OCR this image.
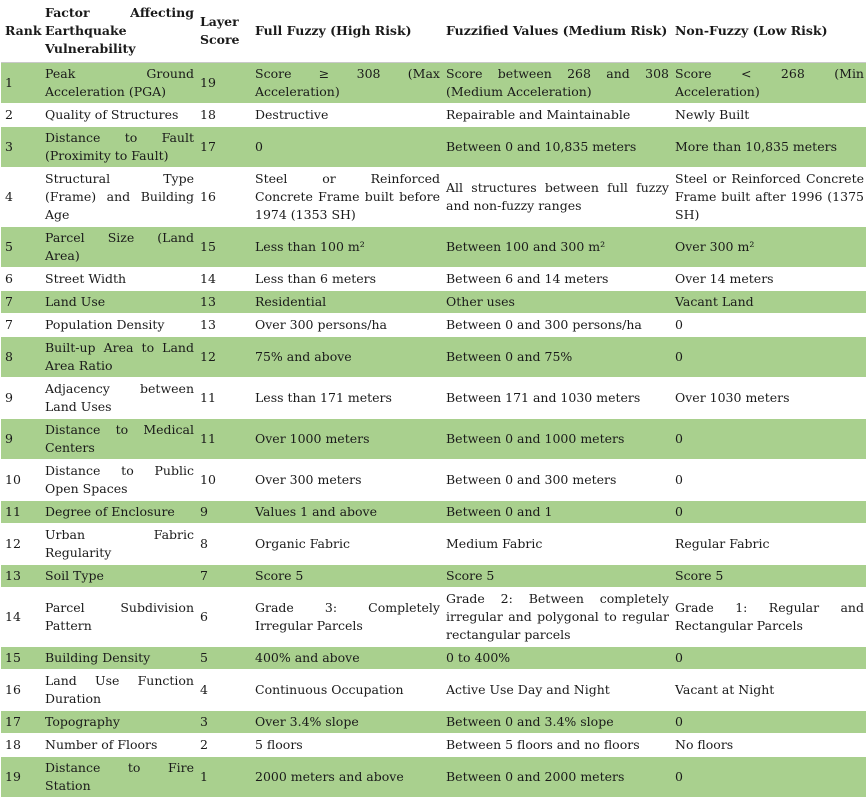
Rank	Factor Affecting Earthquake Vulnerability	Layer Score	Full Fuzzy (High Risk)	Fuzzified Values (Medium Risk)	Non-Fuzzy (Low Risk)
1	Peak Ground Acceleration (PGA)	19	Score ≥ 308 (Max Acceleration)	Score between 268 and 308 (Medium Acceleration)	Score < 268 (Min Acceleration)
2	Quality of Structures	18	Destructive	Repairable and Maintainable	Newly Built
3	Distance to Fault (Proximity to Fault)	17	0	Between 0 and 10,835 meters	More than 10,835 meters
4	Structural Type (Frame) and Building Age	16	Steel or Reinforced Concrete Frame built before 1974 (1353 SH)	All structures between full fuzzy and non-fuzzy ranges	Steel or Reinforced Concrete Frame built after 1996 (1375 SH)
5	Parcel Size (Land Area)	15	Less than 100 m²	Between 100 and 300 m²	Over 300 m²
6	Street Width	14	Less than 6 meters	Between 6 and 14 meters	Over 14 meters
7	Land Use	13	Residential	Other uses	Vacant Land
7	Population Density	13	Over 300 persons/ha	Between 0 and 300 persons/ha	0
8	Built-up Area to Land Area Ratio	12	75% and above	Between 0 and 75%	0
9	Adjacency between Land Uses	11	Less than 171 meters	Between 171 and 1030 meters	Over 1030 meters
9	Distance to Medical Centers	11	Over 1000 meters	Between 0 and 1000 meters	0
10	Distance to Public Open Spaces	10	Over 300 meters	Between 0 and 300 meters	0
11	Degree of Enclosure	9	Values 1 and above	Between 0 and 1	0
12	Urban Fabric Regularity	8	Organic Fabric	Medium Fabric	Regular Fabric
13	Soil Type	7	Score 5	Score 5	Score 5
14	Parcel Subdivision Pattern	6	Grade 3: Completely Irregular Parcels	Grade 2: Between completely irregular and polygonal to regular rectangular parcels	Grade 1: Regular and Rectangular Parcels
15	Building Density	5	400% and above	0 to 400%	0
16	Land Use Function Duration	4	Continuous Occupation	Active Use Day and Night	Vacant at Night
17	Topography	3	Over 3.4% slope	Between 0 and 3.4% slope	0
18	Number of Floors	2	5 floors	Between 5 floors and no floors	No floors
19	Distance to Fire Station	1	2000 meters and above	Between 0 and 2000 meters	0
